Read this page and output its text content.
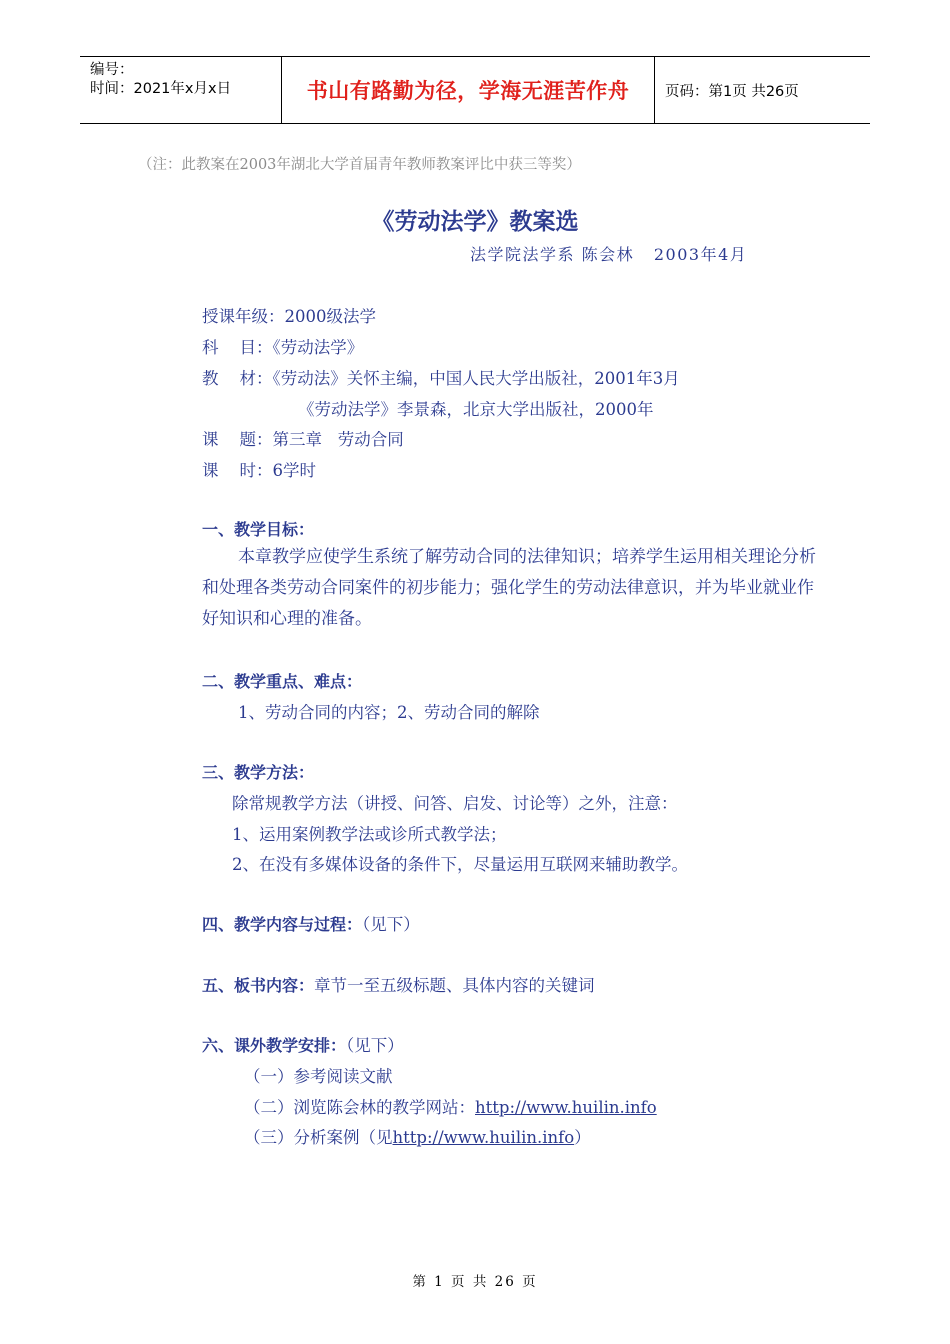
编号：
时间：2021年x月x日	书山有路勤为径，学海无涯苦作舟 页码：第1页 共26页
（注：此教案在2003年湖北大学首届青年教师教案评比中获三等奖）
《劳动法学》教案选
法学院法学系 陈会林   2003年4月
授课年级：2000级法学
科    目：《劳动法学》
教    材：《劳动法》关怀主编，中国人民大学出版社，2001年3月
《劳动法学》李景森，北京大学出版社，2000年
课    题：第三章   劳动合同
课    时：6学时
一、教学目标：
本章教学应使学生系统了解劳动合同的法律知识；培养学生运用相关理论分析和处理各类劳动合同案件的初步能力；强化学生的劳动法律意识，并为毕业就业作好知识和心理的准备。
二、教学重点、难点：
1、劳动合同的内容；2、劳动合同的解除
三、教学方法：
除常规教学方法（讲授、问答、启发、讨论等）之外，注意：
1、运用案例教学法或诊所式教学法；
2、在没有多媒体设备的条件下，尽量运用互联网来辅助教学。
四、教学内容与过程：（见下）
五、板书内容：章节一至五级标题、具体内容的关键词
六、课外教学安排：（见下）
（一）参考阅读文献
（二）浏览陈会林的教学网站：http://www.huilin.info
（三）分析案例（见http://www.huilin.info）
第 1 页 共 26 页
